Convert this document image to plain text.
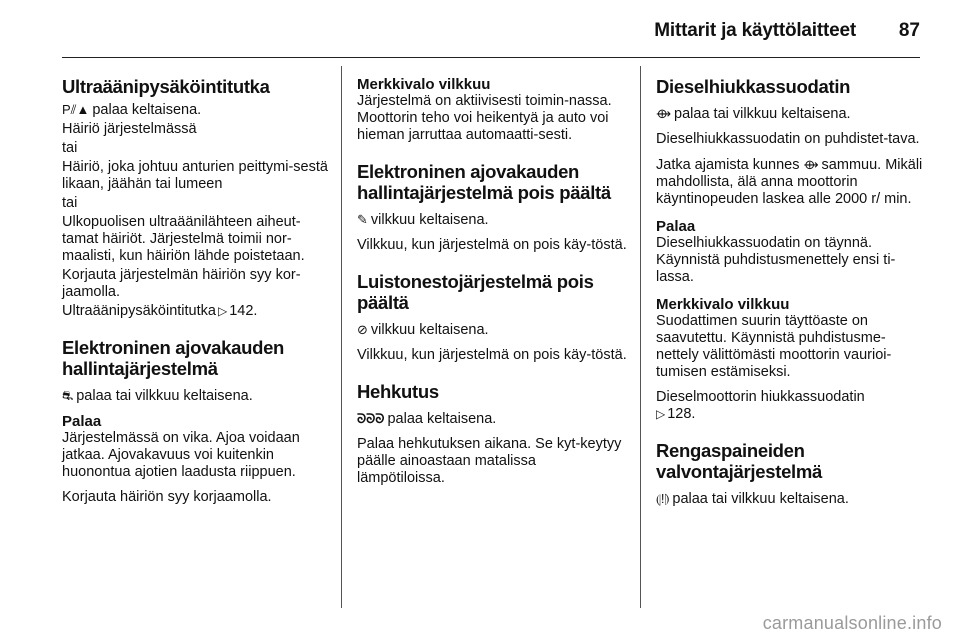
Mittarit ja käyttölaitteet 87
Ultraäänipysäköintitutka

P⫽▲ palaa keltaisena.

Häiriö järjestelmässä

tai

Häiriö, joka johtuu anturien peittymi-sestä likaan, jäähän tai lumeen

tai

Ulkopuolisen ultraäänilähteen aiheut-tamat häiriöt. Järjestelmä toimii nor-maalisti, kun häiriön lähde poistetaan.

Korjauta järjestelmän häiriön syy kor-jaamolla.

Ultraäänipysäköintitutka ▷ 142.

Elektroninen ajovakauden hallintajärjestelmä

⛐ palaa tai vilkkuu keltaisena.

Palaa

Järjestelmässä on vika. Ajoa voidaan jatkaa. Ajovakavuus voi kuitenkin huonontua ajotien laadusta riippuen.

Korjauta häiriön syy korjaamolla.

Merkkivalo vilkkuu

Järjestelmä on aktiivisesti toimin-nassa. Moottorin teho voi heikentyä ja auto voi hieman jarruttaa automaatti-sesti.

Elektroninen ajovakauden hallintajärjestelmä pois päältä

✎ vilkkuu keltaisena.

Vilkkuu, kun järjestelmä on pois käy-töstä.

Luistonestojärjestelmä pois päältä

⊘ vilkkuu keltaisena.

Vilkkuu, kun järjestelmä on pois käy-töstä.

Hehkutus

ᘐᘐᘐ palaa keltaisena.

Palaa hehkutuksen aikana. Se kyt-keytyy päälle ainoastaan matalissa lämpötiloissa.

Dieselhiukkassuodatin

⟴ palaa tai vilkkuu keltaisena.

Dieselhiukkassuodatin on puhdistet-tava.

Jatka ajamista kunnes ⟴ sammuu. Mikäli mahdollista, älä anna moottorin käyntinopeuden laskea alle 2000 r/ min.

Palaa

Dieselhiukkassuodatin on täynnä. Käynnistä puhdistusmenettely ensi ti-lassa.

Merkkivalo vilkkuu

Suodattimen suurin täyttöaste on saavutettu. Käynnistä puhdistusme-nettely välittömästi moottorin vaurioi-tumisen estämiseksi.

Dieselmoottorin hiukkassuodatin
▷ 128.

Rengaspaineiden valvontajärjestelmä

⦇!⦈ palaa tai vilkkuu keltaisena.

carmanualsonline.info
